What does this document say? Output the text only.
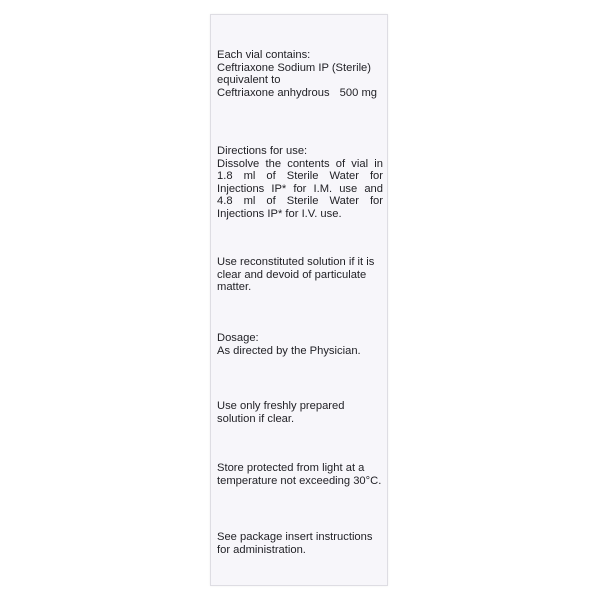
Each vial contains:
Ceftriaxone Sodium IP (Sterile)
equivalent to
Ceftriaxone anhydrous 500 mg
Directions for use:
Dissolve the contents of vial in
1.8 ml of Sterile Water for
Injections IP* for I.M. use and
4.8 ml of Sterile Water for
Injections IP* for I.V. use.
Use reconstituted solution if it is
clear and devoid of particulate
matter.
Dosage:
As directed by the Physician.
Use only freshly prepared
solution if clear.
Store protected from light at a
temperature not exceeding 30°C.
See package insert instructions
for administration.
